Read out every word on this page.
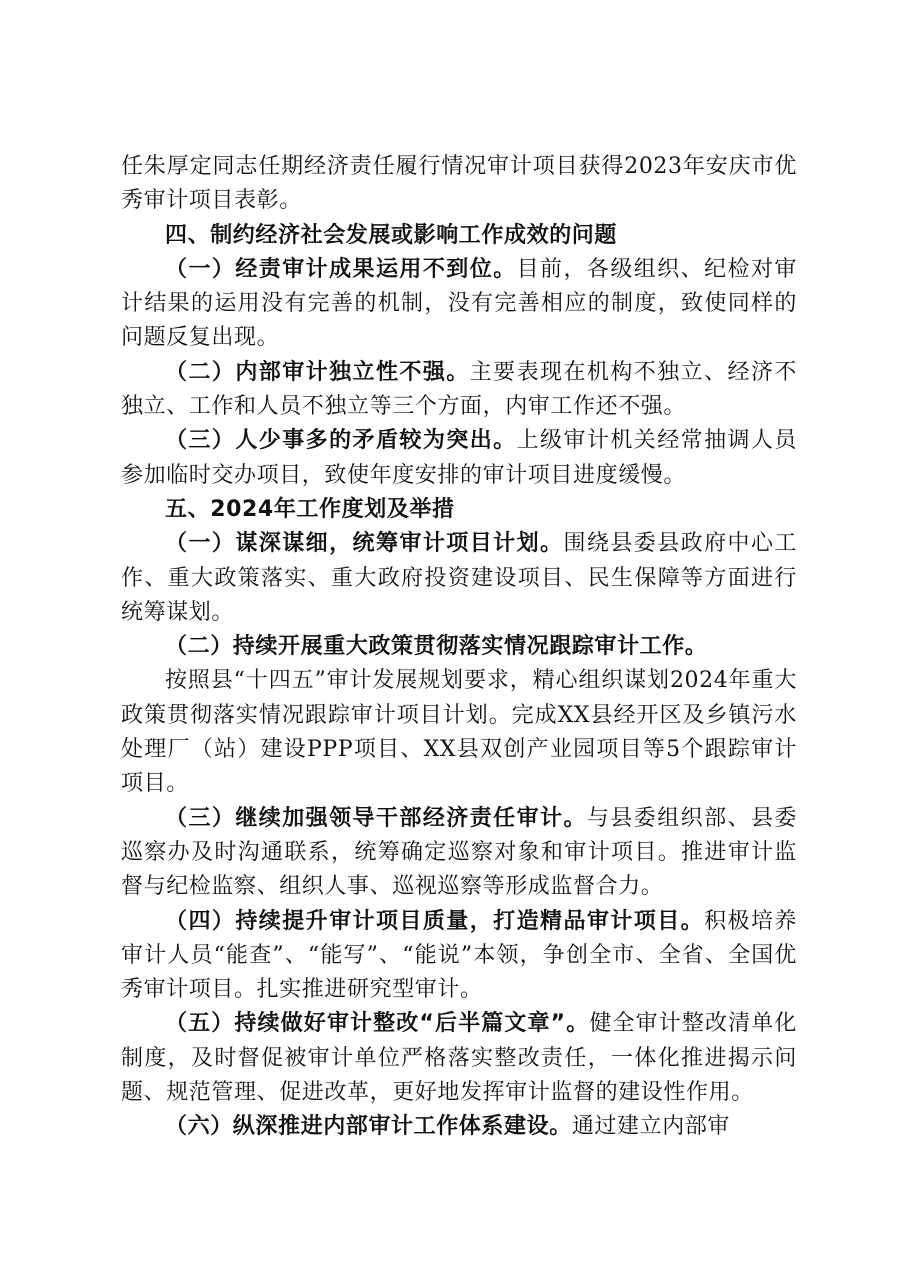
任朱厚定同志任期经济责任履行情况审计项目获得2023年安庆市优秀审计项目表彰。

四、制约经济社会发展或影响工作成效的问题

（一）经责审计成果运用不到位。目前，各级组织、纪检对审计结果的运用没有完善的机制，没有完善相应的制度，致使同样的问题反复出现。

（二）内部审计独立性不强。主要表现在机构不独立、经济不独立、工作和人员不独立等三个方面，内审工作还不强。

（三）人少事多的矛盾较为突出。上级审计机关经常抽调人员参加临时交办项目，致使年度安排的审计项目进度缓慢。

五、2024年工作度划及举措

（一）谋深谋细，统筹审计项目计划。围绕县委县政府中心工作、重大政策落实、重大政府投资建设项目、民生保障等方面进行统筹谋划。

（二）持续开展重大政策贯彻落实情况跟踪审计工作。

按照县“十四五”审计发展规划要求，精心组织谋划2024年重大政策贯彻落实情况跟踪审计项目计划。完成XX县经开区及乡镇污水处理厂（站）建设PPP项目、XX县双创产业园项目等5个跟踪审计项目。

（三）继续加强领导干部经济责任审计。与县委组织部、县委巡察办及时沟通联系，统筹确定巡察对象和审计项目。推进审计监督与纪检监察、组织人事、巡视巡察等形成监督合力。

（四）持续提升审计项目质量，打造精品审计项目。积极培养审计人员“能查”、“能写”、“能说”本领，争创全市、全省、全国优秀审计项目。扎实推进研究型审计。

（五）持续做好审计整改“后半篇文章”。健全审计整改清单化制度，及时督促被审计单位严格落实整改责任，一体化推进揭示问题、规范管理、促进改革，更好地发挥审计监督的建设性作用。

（六）纵深推进内部审计工作体系建设。通过建立内部审
